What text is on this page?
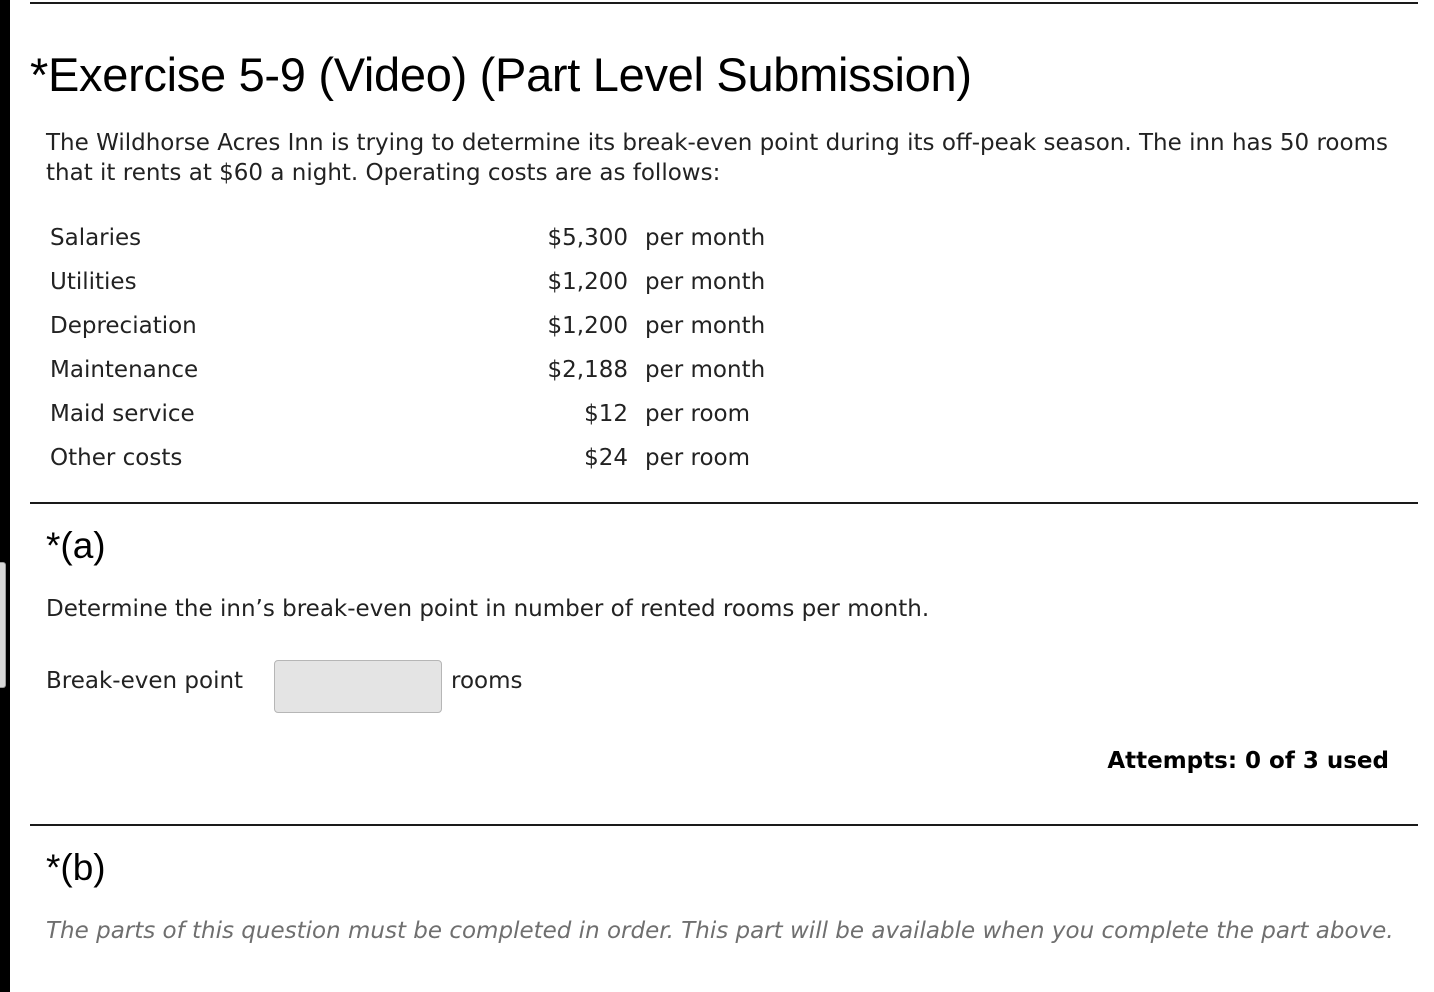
*Exercise 5-9 (Video) (Part Level Submission)
The Wildhorse Acres Inn is trying to determine its break-even point during its off-peak season. The inn has 50 rooms that it rents at $60 a night. Operating costs are as follows:
Salaries	$5,300 per month
Utilities	$1,200 per month
Depreciation	$1,200 per month
Maintenance	$2,188 per month
Maid service	$12 per room
Other costs	$24 per room
*(a)
Determine the inn’s break-even point in number of rented rooms per month.
Break-even point	rooms
Attempts: 0 of 3 used
*(b)
The parts of this question must be completed in order. This part will be available when you complete the part above.
